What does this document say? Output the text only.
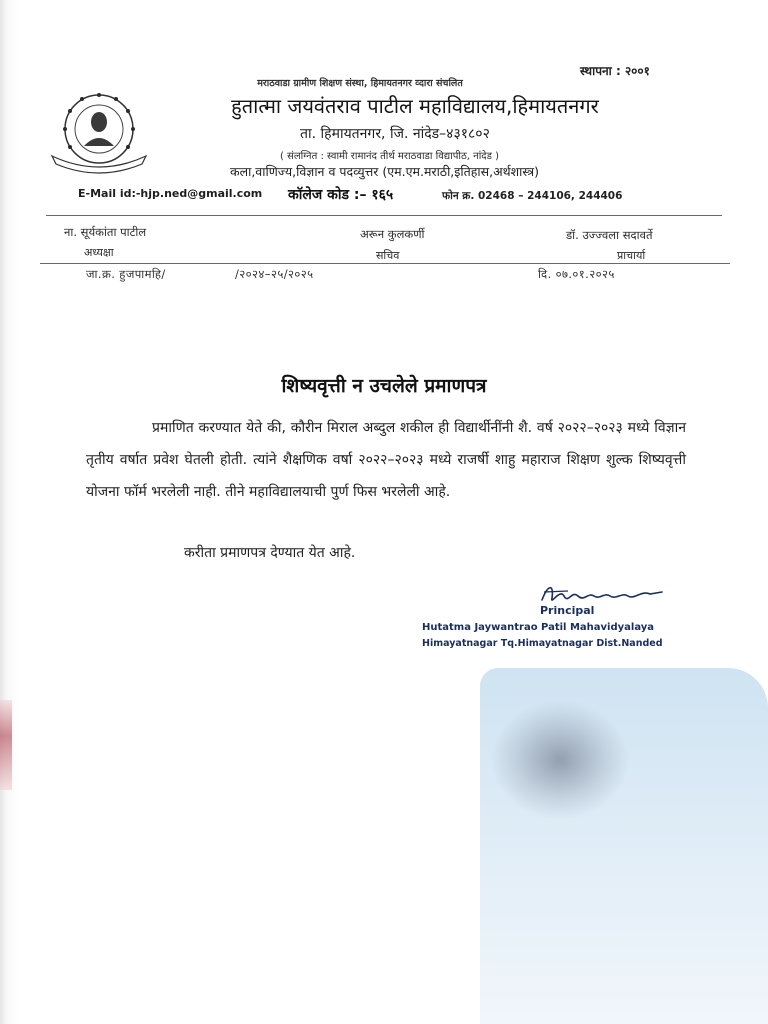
स्थापना : २००१
मराठवाडा ग्रामीण शिक्षण संस्था, हिमायतनगर व्दारा संचलित
हुतात्मा जयवंतराव पाटील महाविद्यालय,हिमायतनगर
ता. हिमायतनगर, जि. नांदेड–४३१८०२
( संलग्नित : स्वामी रामानंद तीर्थ मराठवाडा विद्यापीठ, नांदेड )
कला,वाणिज्य,विज्ञान व पदव्युत्तर (एम.एम.मराठी,इतिहास,अर्थशास्त्र)
E-Mail id:-hjp.ned@gmail.com कॉलेज कोड :– १६५	फोन क्र. 02468 – 244106, 244406
ना. सूर्यकांता पाटील
अध्यक्षा
अरून कुलकर्णी
सचिव
डॉ. उज्ज्वला सदावर्ते
प्राचार्या
जा.क्र. हुजपामहि/	/२०२४–२५/२०२५	दि. ०७.०१.२०२५
शिष्यवृत्ती न उचलेले प्रमाणपत्र

प्रमाणित करण्यात येते की, कौरीन मिराल अब्दुल शकील ही विद्यार्थीनींनी शै. वर्ष २०२२–२०२३ मध्ये विज्ञान तृतीय वर्षात प्रवेश घेतली होती. त्यांने शैक्षणिक वर्षा २०२२–२०२३ मध्ये राजर्षी शाहु महाराज शिक्षण शुल्क शिष्यवृत्ती योजना फॉर्म भरलेली नाही. तीने महाविद्यालयाची पुर्ण फिस भरलेली आहे.

करीता प्रमाणपत्र देण्यात येत आहे.
Principal
Hutatma Jaywantrao Patil Mahavidyalaya
Himayatnagar Tq.Himayatnagar Dist.Nanded
